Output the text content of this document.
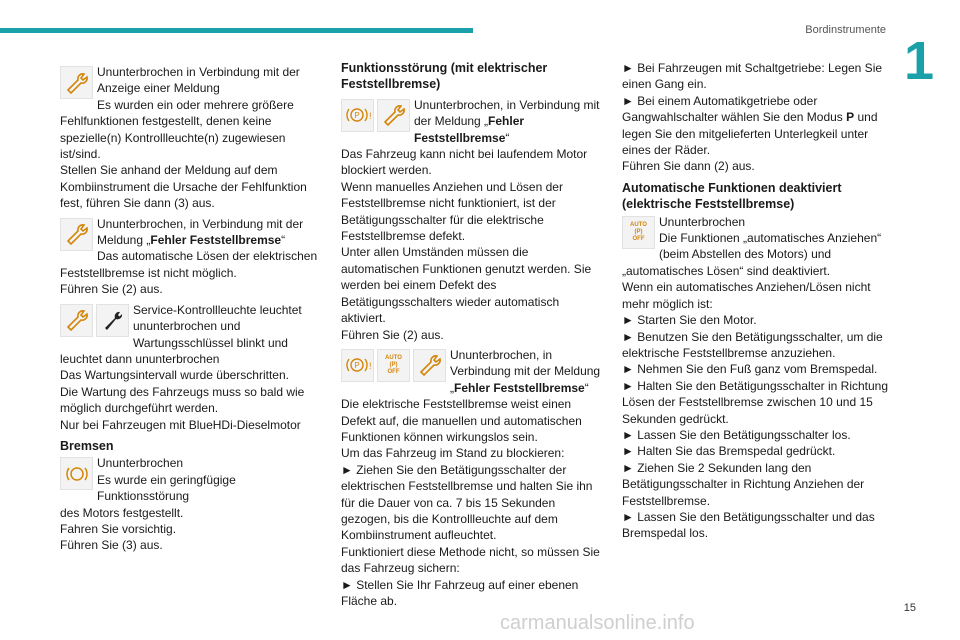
Bordinstrumente
1
15
carmanualsonline.info
Ununterbrochen in Verbindung mit der
Anzeige einer Meldung
Es wurden ein oder mehrere größere Fehlfunktionen festgestellt, denen keine spezielle(n) Kontrollleuchte(n) zugewiesen ist/sind.
Stellen Sie anhand der Meldung auf dem Kombiinstrument die Ursache der Fehlfunktion fest, führen Sie dann (3) aus.
Ununterbrochen, in Verbindung mit der
Meldung „Fehler Feststellbremse“
Das automatische Lösen der elektrischen Feststellbremse ist nicht möglich.
Führen Sie (2) aus.
Service-Kontrollleuchte leuchtet
ununterbrochen und
Wartungsschlüssel blinkt und leuchtet dann ununterbrochen
Das Wartungsintervall wurde überschritten.
Die Wartung des Fahrzeugs muss so bald wie möglich durchgeführt werden.
Nur bei Fahrzeugen mit BlueHDi-Dieselmotor
Bremsen
Ununterbrochen
Es wurde ein geringfügige Funktionsstörung
des Motors festgestellt.
Fahren Sie vorsichtig.
Führen Sie (3) aus.
Funktionsstörung (mit elektrischer Feststellbremse)
P !
Ununterbrochen, in Verbindung mit
der Meldung „Fehler
Feststellbremse“
Das Fahrzeug kann nicht bei laufendem Motor blockiert werden.
Wenn manuelles Anziehen und Lösen der Feststellbremse nicht funktioniert, ist der Betätigungsschalter für die elektrische Feststellbremse defekt.
Unter allen Umständen müssen die automatischen Funktionen genutzt werden. Sie werden bei einem Defekt des Betätigungsschalters wieder automatisch aktiviert.
Führen Sie (2) aus.
P !
AUTO
(P)
OFF
Ununterbrochen, in
Verbindung mit der Meldung
„Fehler Feststellbremse“
Die elektrische Feststellbremse weist einen Defekt auf, die manuellen und automatischen Funktionen können wirkungslos sein.
Um das Fahrzeug im Stand zu blockieren:
► Ziehen Sie den Betätigungsschalter der elektrischen Feststellbremse und halten Sie ihn für die Dauer von ca. 7 bis 15 Sekunden gezogen, bis die Kontrollleuchte auf dem Kombiinstrument aufleuchtet.
Funktioniert diese Methode nicht, so müssen Sie das Fahrzeug sichern:
► Stellen Sie Ihr Fahrzeug auf einer ebenen Fläche ab.
► Bei Fahrzeugen mit Schaltgetriebe: Legen Sie einen Gang ein.
► Bei einem Automatikgetriebe oder Gangwahlschalter wählen Sie den Modus P und legen Sie den mitgelieferten Unterlegkeil unter eines der Räder.
Führen Sie dann (2) aus.
Automatische Funktionen deaktiviert (elektrische Feststellbremse)
AUTO
(P)
OFF
Ununterbrochen
Die Funktionen „automatisches Anziehen“
(beim Abstellen des Motors) und „automatisches Lösen“ sind deaktiviert.
Wenn ein automatisches Anziehen/Lösen nicht mehr möglich ist:
► Starten Sie den Motor.
► Benutzen Sie den Betätigungsschalter, um die elektrische Feststellbremse anzuziehen.
► Nehmen Sie den Fuß ganz vom Bremspedal.
► Halten Sie den Betätigungsschalter in Richtung Lösen der Feststellbremse zwischen 10 und 15 Sekunden gedrückt.
► Lassen Sie den Betätigungsschalter los.
► Halten Sie das Bremspedal gedrückt.
► Ziehen Sie 2 Sekunden lang den Betätigungsschalter in Richtung Anziehen der Feststellbremse.
► Lassen Sie den Betätigungsschalter und das Bremspedal los.
